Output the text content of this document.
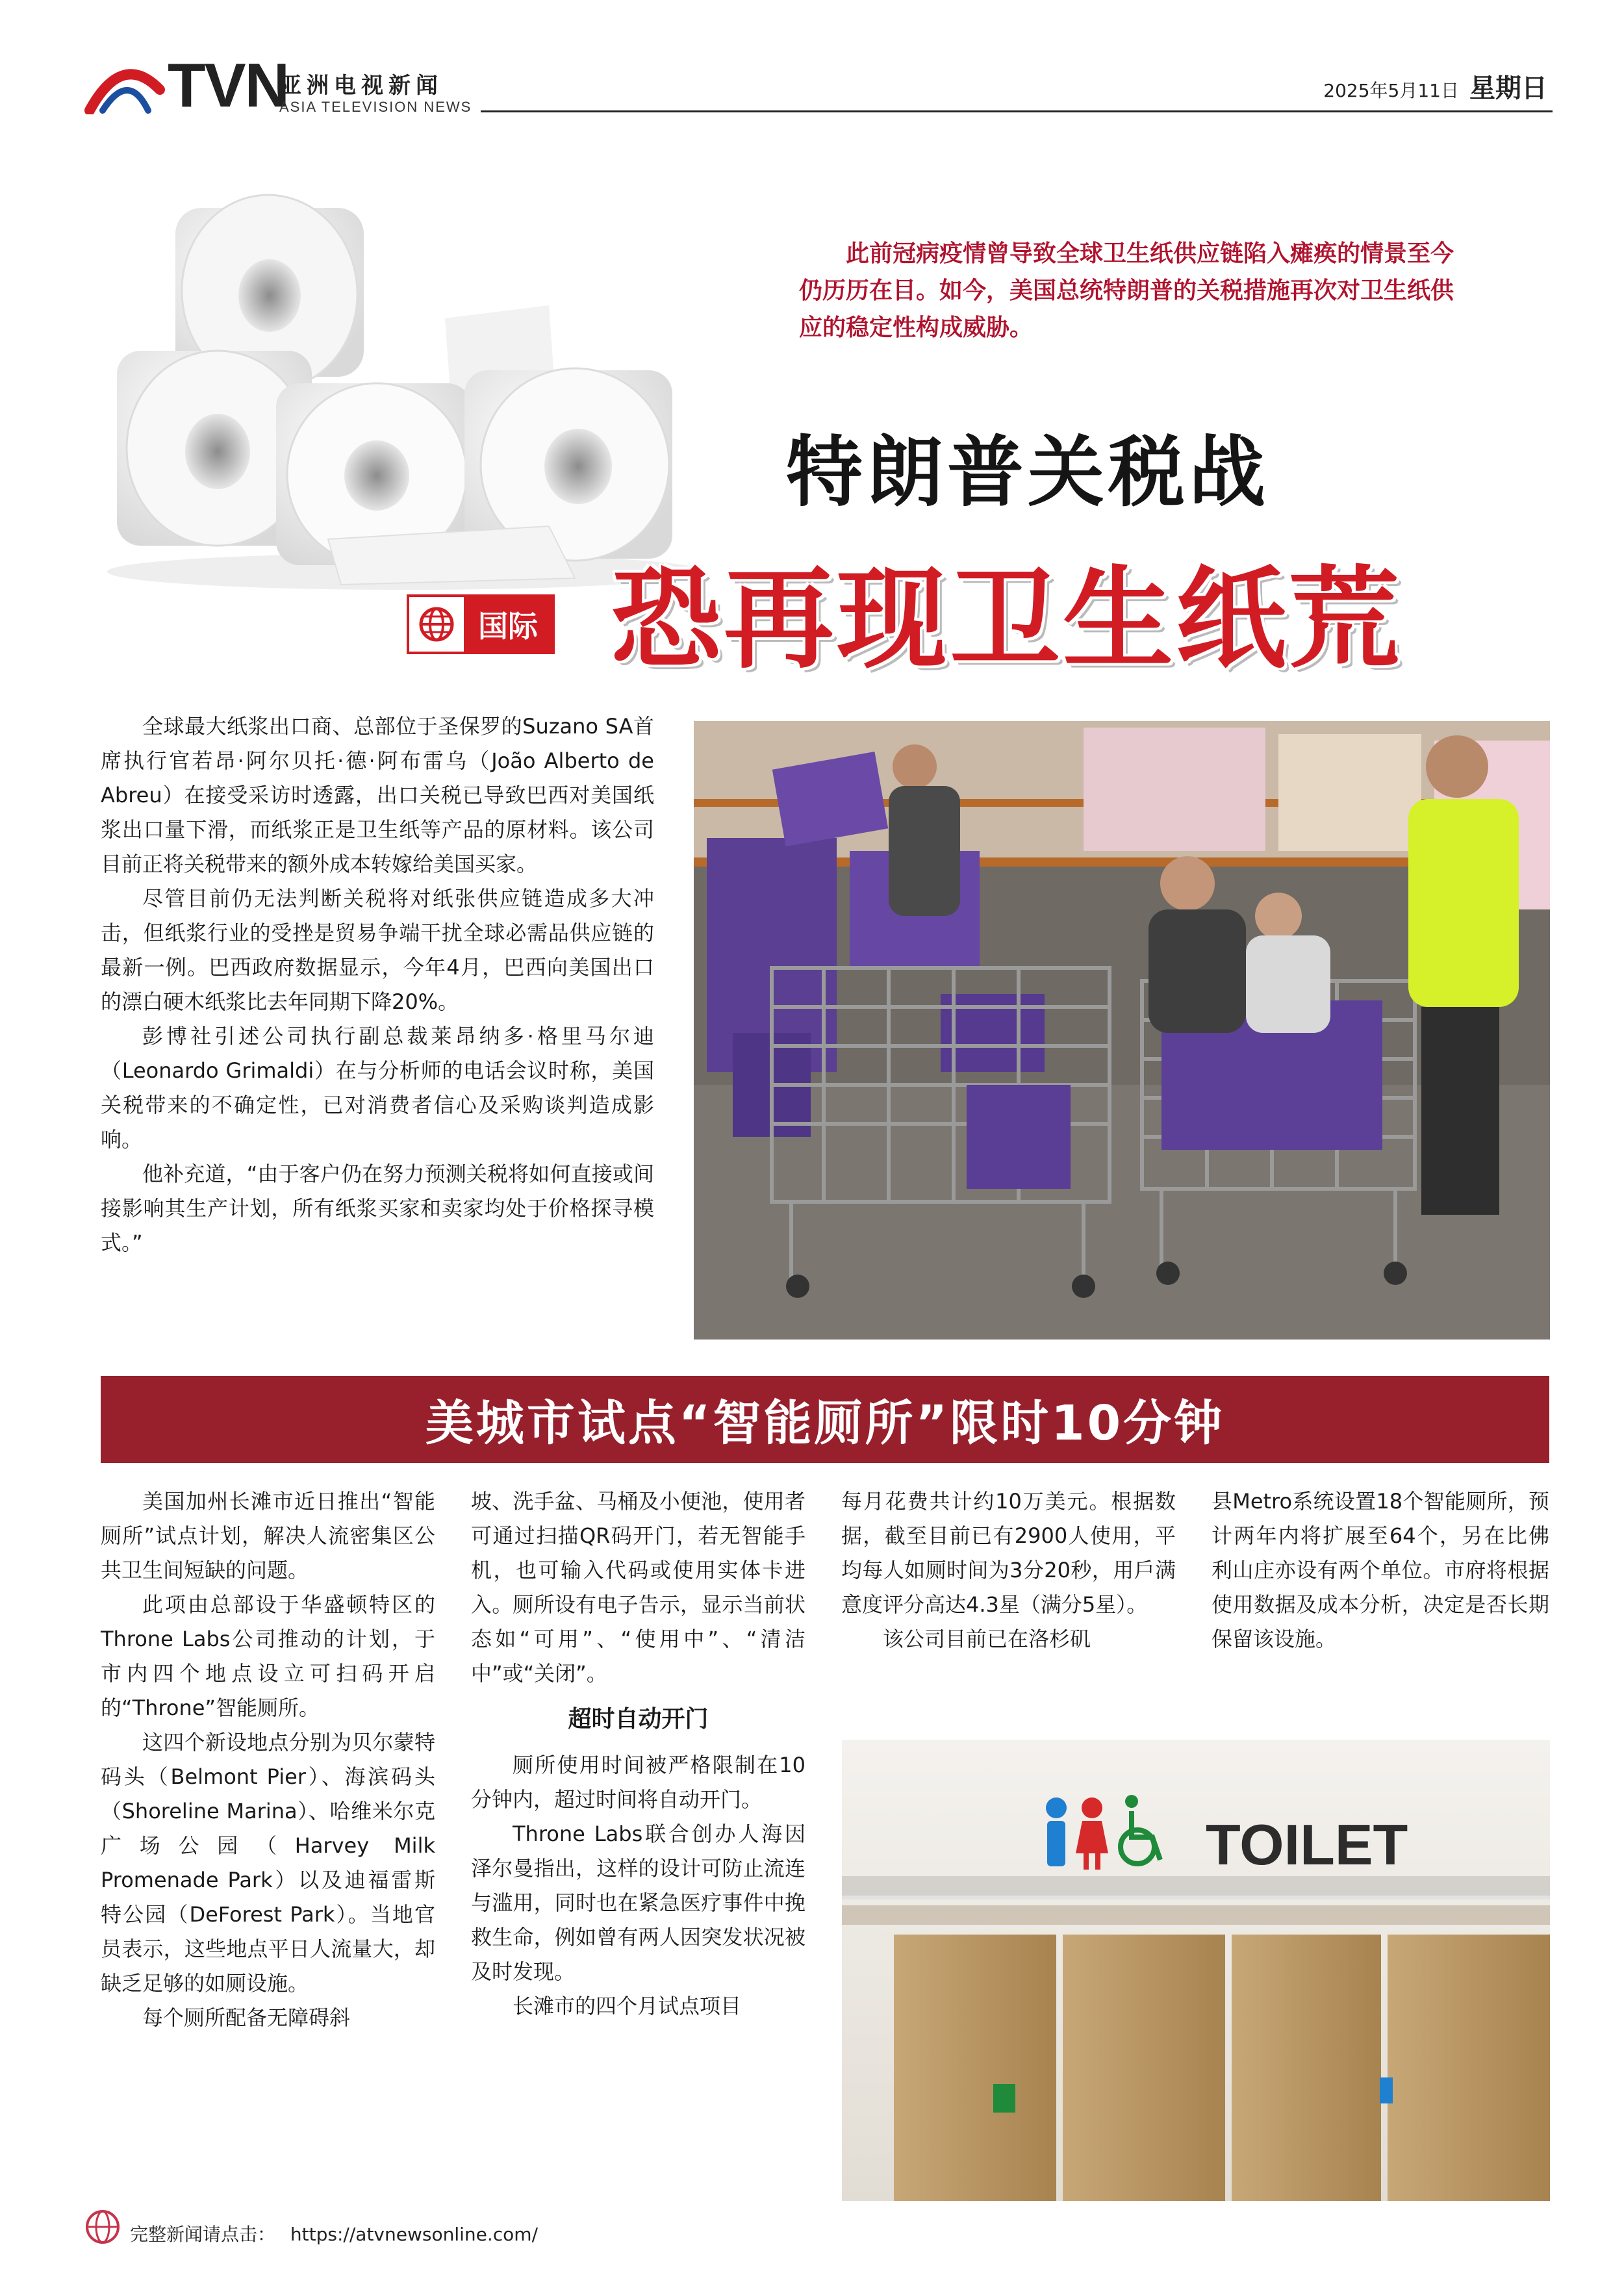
TVN
亚洲电视新闻
ASIA TELEVISION NEWS
2025年5月11日 星期日
国际
此前冠病疫情曾导致全球卫生纸供应链陷入瘫痪的情景至今仍历历在目。如今，美国总统特朗普的关税措施再次对卫生纸供应的稳定性构成威胁。
特朗普关税战
恐再现卫生纸荒

全球最大纸浆出口商、总部位于圣保罗的Suzano SA首席执行官若昂·阿尔贝托·德·阿布雷乌（João Alberto de Abreu）在接受采访时透露，出口关税已导致巴西对美国纸浆出口量下滑，而纸浆正是卫生纸等产品的原材料。该公司目前正将关税带来的额外成本转嫁给美国买家。

尽管目前仍无法判断关税将对纸张供应链造成多大冲击，但纸浆行业的受挫是贸易争端干扰全球必需品供应链的最新一例。巴西政府数据显示，今年4月，巴西向美国出口的漂白硬木纸浆比去年同期下降20%。

彭博社引述公司执行副总裁莱昂纳多·格里马尔迪（Leonardo Grimaldi）在与分析师的电话会议时称，美国关税带来的不确定性，已对消费者信心及采购谈判造成影响。

他补充道，“由于客户仍在努力预测关税将如何直接或间接影响其生产计划，所有纸浆买家和卖家均处于价格探寻模式。”

美城市试点“智能厕所”限时10分钟

美国加州长滩市近日推出“智能厕所”试点计划，解决人流密集区公共卫生间短缺的问题。

此项由总部设于华盛顿特区的Throne Labs公司推动的计划，于市内四个地点设立可扫码开启的“Throne”智能厕所。

这四个新设地点分别为贝尔蒙特码头（Belmont Pier）、海滨码头（Shoreline Marina）、哈维米尔克广场公园（Harvey Milk Promenade Park）以及迪福雷斯特公园（DeForest Park）。当地官员表示，这些地点平日人流量大，却缺乏足够的如厕设施。

每个厕所配备无障碍斜

坡、洗手盆、马桶及小便池，使用者可通过扫描QR码开门，若无智能手机，也可输入代码或使用实体卡进入。厕所设有电子告示，显示当前状态如“可用”、“使用中”、“清洁中”或“关闭”。

超时自动开门

厕所使用时间被严格限制在10分钟内，超过时间将自动开门。

Throne Labs联合创办人海因泽尔曼指出，这样的设计可防止流连与滥用，同时也在紧急医疗事件中挽救生命，例如曾有两人因突发状况被及时发现。

长滩市的四个月试点项目

每月花费共计约10万美元。根据数据，截至目前已有2900人使用，平均每人如厕时间为3分20秒，用戶满意度评分高达4.3星（满分5星）。

该公司目前已在洛杉矶

县Metro系统设置18个智能厕所，预计两年内将扩展至64个，另在比佛利山庄亦设有两个单位。市府将根据使用数据及成本分析，决定是否长期保留该设施。

TOILET
完整新闻请点击： https://atvnewsonline.com/
